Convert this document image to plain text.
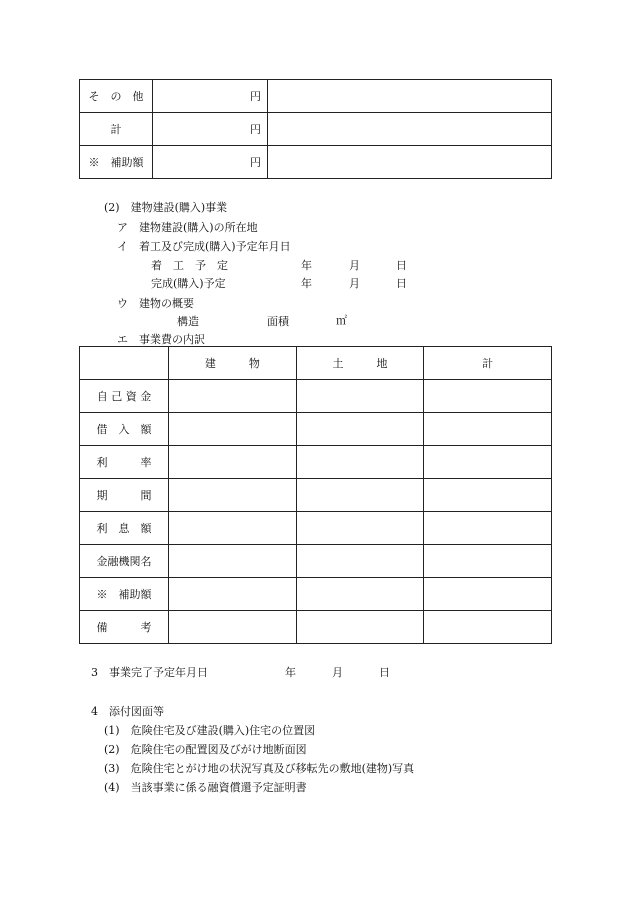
そ　の　他	円	
計	円	
※　補助額	円	
(2)　建物建設(購入)事業
ア　建物建設(購入)の所在地
イ　着工及び完成(購入)予定年月日
着　工　予　定	年	月	日
完成(購入)予定	年	月	日
ウ　建物の概要
構造	面積	㎡
エ　事業費の内訳
	建　　　物	土　　　地	計
自 己 資 金			
借　入　額			
利　　　率			
期　　　間			
利　息　額			
金融機関名			
※　補助額			
備　　　考			
3　事業完了予定年月日	年	月	日
4　添付図面等
(1)　危険住宅及び建設(購入)住宅の位置図
(2)　危険住宅の配置図及びがけ地断面図
(3)　危険住宅とがけ地の状況写真及び移転先の敷地(建物)写真
(4)　当該事業に係る融資償還予定証明書
